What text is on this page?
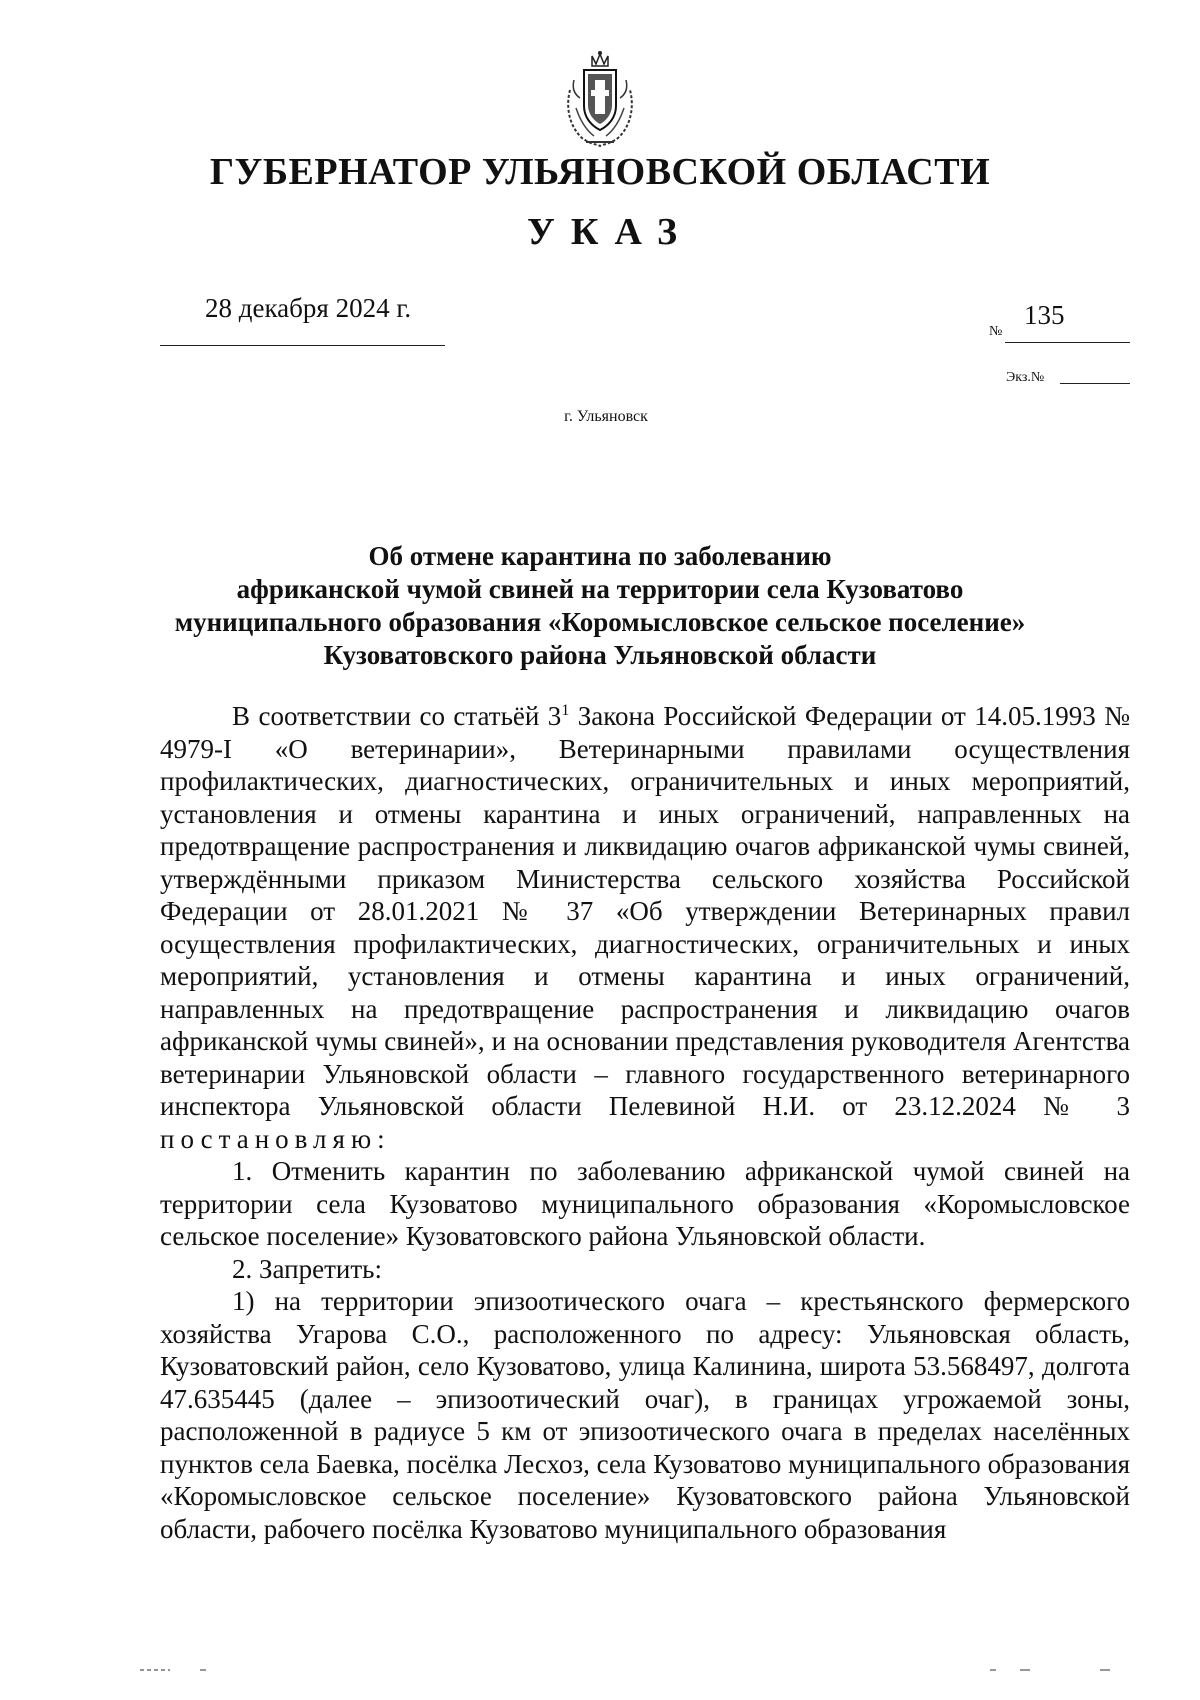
ГУБЕРНАТОР УЛЬЯНОВСКОЙ ОБЛАСТИ
УКАЗ
28 декабря 2024 г.
№
135
Экз.№
г. Ульяновск
Об отмене карантина по заболеванию
африканской чумой свиней на территории села Кузоватово
муниципального образования «Коромысловское сельское поселение»
Кузоватовского района Ульяновской области

В соответствии со статьёй $3^1$ Закона Российской Федерации от 14.05.1993 № 4979-I «О ветеринарии», Ветеринарными правилами осуществления профилактических, диагностических, ограничительных и иных мероприятий, установления и отмены карантина и иных ограничений, направленных на предотвращение распространения и ликвидацию очагов африканской чумы свиней, утверждёнными приказом Министерства сельского хозяйства Российской Федерации от 28.01.2021 № 37 «Об утверждении Ветеринарных правил осуществления профилактических, диагностических, ограничительных и иных мероприятий, установления и отмены карантина и иных ограничений, направленных на предотвращение распространения и ликвидацию очагов африканской чумы свиней», и на основании представления руководителя Агентства ветеринарии Ульяновской области – главного государственного ветеринарного инспектора Ульяновской области Пелевиной Н.И. от 23.12.2024 № 3 постановляю:

1. Отменить карантин по заболеванию африканской чумой свиней на территории села Кузоватово муниципального образования «Коромысловское сельское поселение» Кузоватовского района Ульяновской области.

2. Запретить:

1) на территории эпизоотического очага – крестьянского фермерского хозяйства Угарова С.О., расположенного по адресу: Ульяновская область, Кузоватовский район, село Кузоватово, улица Калинина, широта 53.568497, долгота 47.635445 (далее – эпизоотический очаг), в границах угрожаемой зоны, расположенной в радиусе 5 км от эпизоотического очага в пределах населённых пунктов села Баевка, посёлка Лесхоз, села Кузоватово муниципального образования «Коромысловское сельское поселение» Кузоватовского района Ульяновской области, рабочего посёлка Кузоватово муниципального образования
